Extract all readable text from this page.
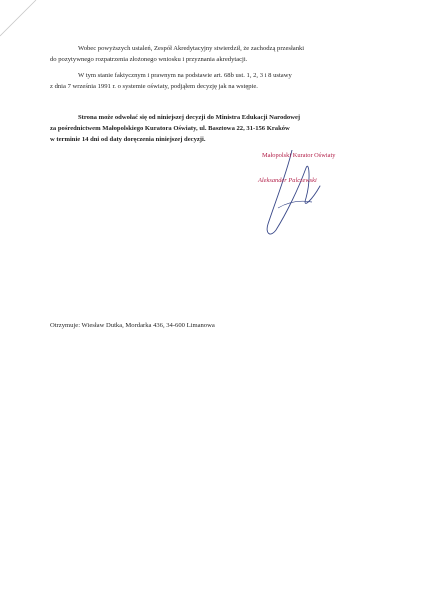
Wobec powyższych ustaleń, Zespół Akredytacyjny stwierdził, że zachodzą przesłanki
do pozytywnego rozpatrzenia złożonego wniosku i przyznania akredytacji.

W tym stanie faktycznym i prawnym na podstawie art. 68b ust. 1, 2, 3 i 8 ustawy
z dnia 7 września 1991 r. o systemie oświaty, podjąłem decyzję jak na wstępie.

Strona może odwołać się od niniejszej decyzji do Ministra Edukacji Narodowej
za pośrednictwem Małopolskiego Kuratora Oświaty, ul. Basztowa 22, 31-156 Kraków
w terminie 14 dni od daty doręczenia niniejszej decyzji.

Małopolski Kurator Oświaty
Aleksander Palczewski
Otrzymuje: Wiesław Dutka, Mordarka 436, 34-600 Limanowa
